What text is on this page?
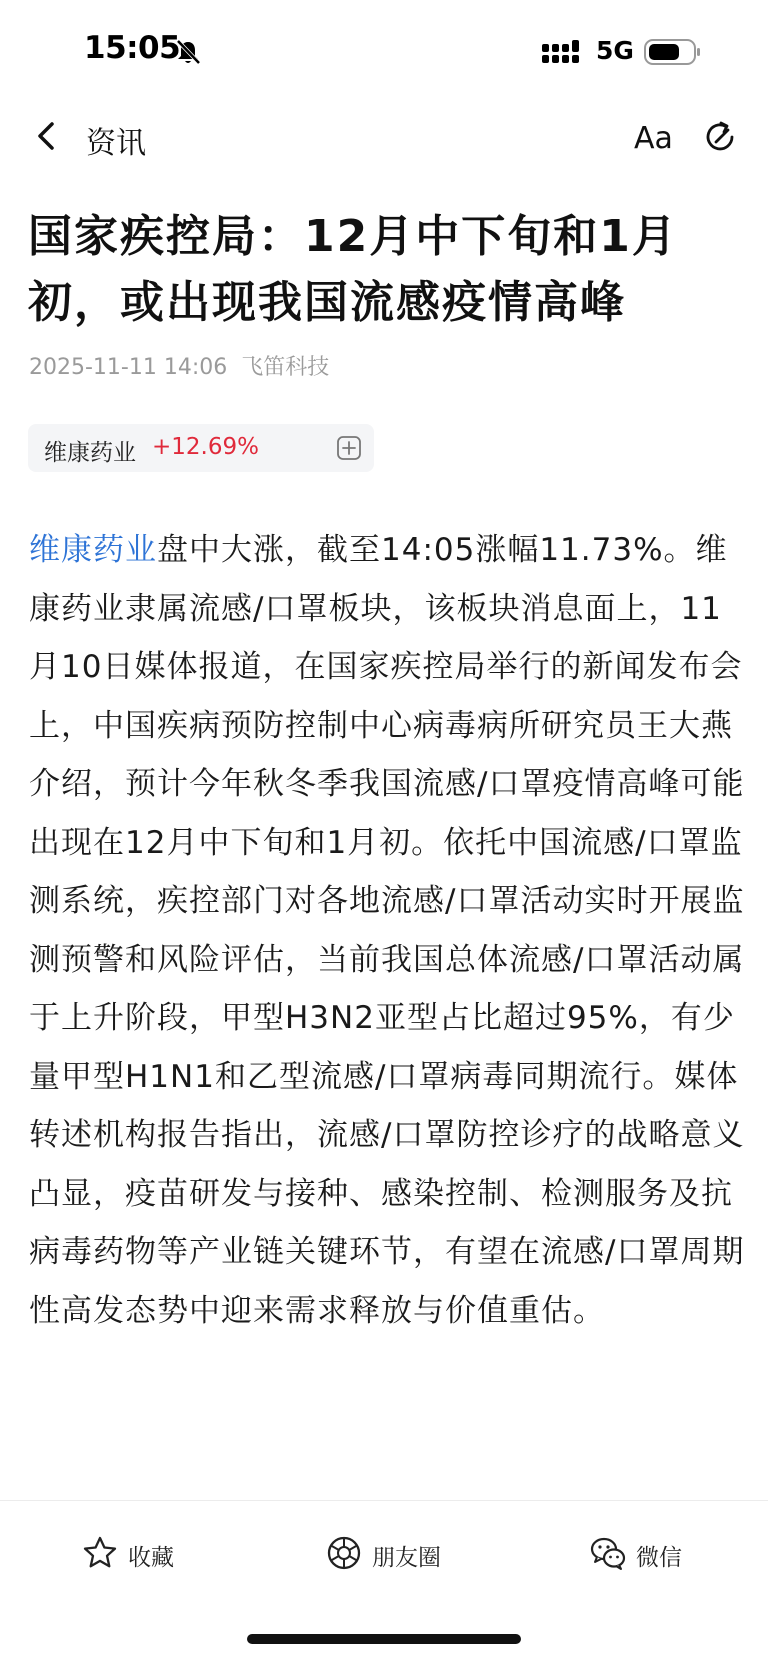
15:05	5G
资讯	Aa
国家疾控局：12月中下旬和1月初，或出现我国流感疫情高峰
2025-11-11 14:06 飞笛科技
维康药业 +12.69%

维康药业盘中大涨，截至14:05涨幅11.73%。维康药业隶属流感/口罩板块，该板块消息面上，11月10日媒体报道，在国家疾控局举行的新闻发布会上，中国疾病预防控制中心病毒病所研究员王大燕介绍，预计今年秋冬季我国流感/口罩疫情高峰可能出现在12月中下旬和1月初。依托中国流感/口罩监测系统，疾控部门对各地流感/口罩活动实时开展监测预警和风险评估，当前我国总体流感/口罩活动属于上升阶段，甲型H3N2亚型占比超过95%，有少量甲型H1N1和乙型流感/口罩病毒同期流行。媒体转述机构报告指出，流感/口罩防控诊疗的战略意义凸显，疫苗研发与接种、感染控制、检测服务及抗病毒药物等产业链关键环节，有望在流感/口罩周期性高发态势中迎来需求释放与价值重估。

收藏	朋友圈	微信
